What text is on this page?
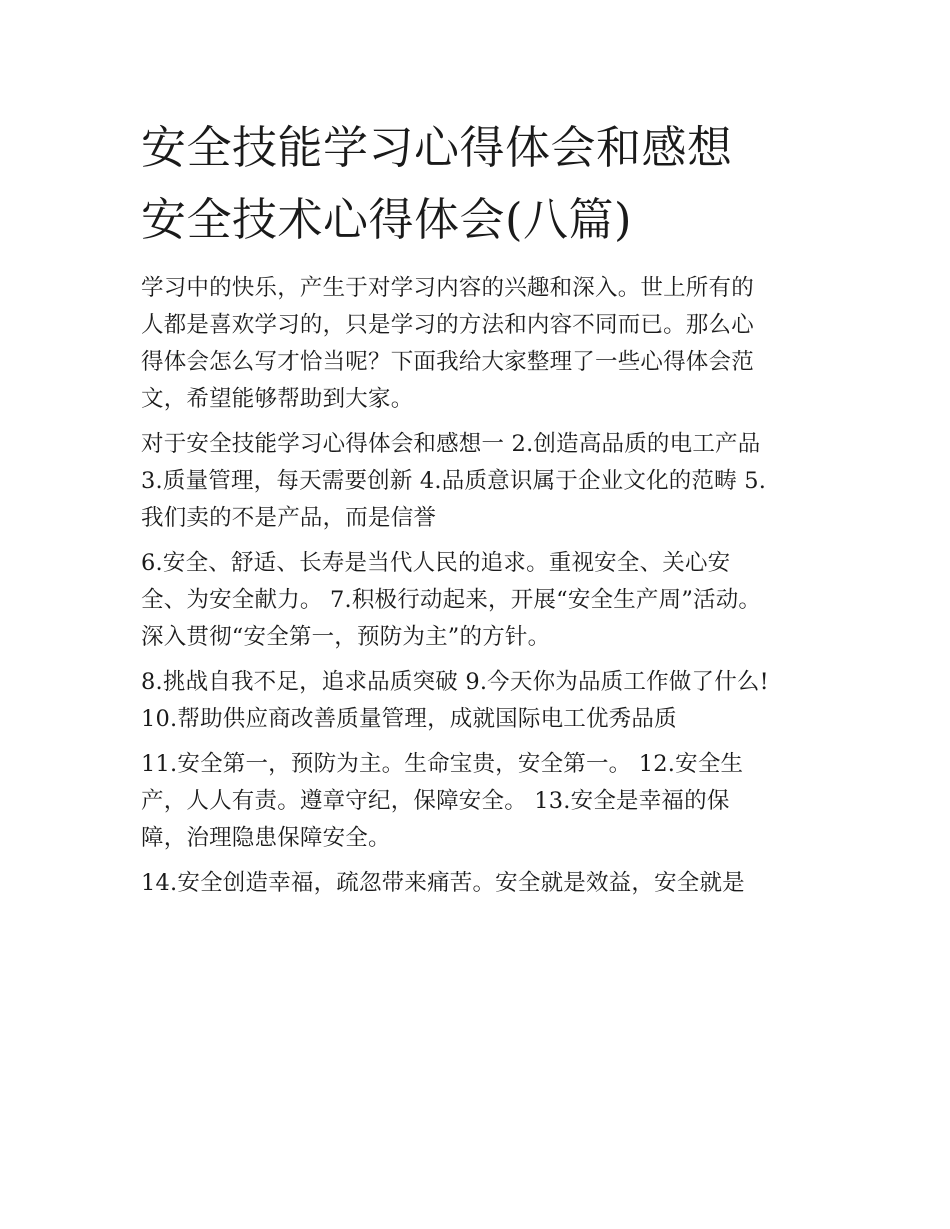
安全技能学习心得体会和感想
安全技术心得体会(八篇)

学习中的快乐，产生于对学习内容的兴趣和深入。世上所有的
人都是喜欢学习的，只是学习的方法和内容不同而已。那么心
得体会怎么写才恰当呢？下面我给大家整理了一些心得体会范
文，希望能够帮助到大家。

对于安全技能学习心得体会和感想一 2.创造高品质的电工产品
3.质量管理，每天需要创新 4.品质意识属于企业文化的范畴 5.
我们卖的不是产品，而是信誉

6.安全、舒适、长寿是当代人民的追求。重视安全、关心安
全、为安全献力。 7.积极行动起来，开展“安全生产周”活动。
深入贯彻“安全第一，预防为主”的方针。

8.挑战自我不足，追求品质突破 9.今天你为品质工作做了什么!
10.帮助供应商改善质量管理，成就国际电工优秀品质

11.安全第一，预防为主。生命宝贵，安全第一。 12.安全生
产，人人有责。遵章守纪，保障安全。 13.安全是幸福的保
障，治理隐患保障安全。

14.安全创造幸福，疏忽带来痛苦。安全就是效益，安全就是
